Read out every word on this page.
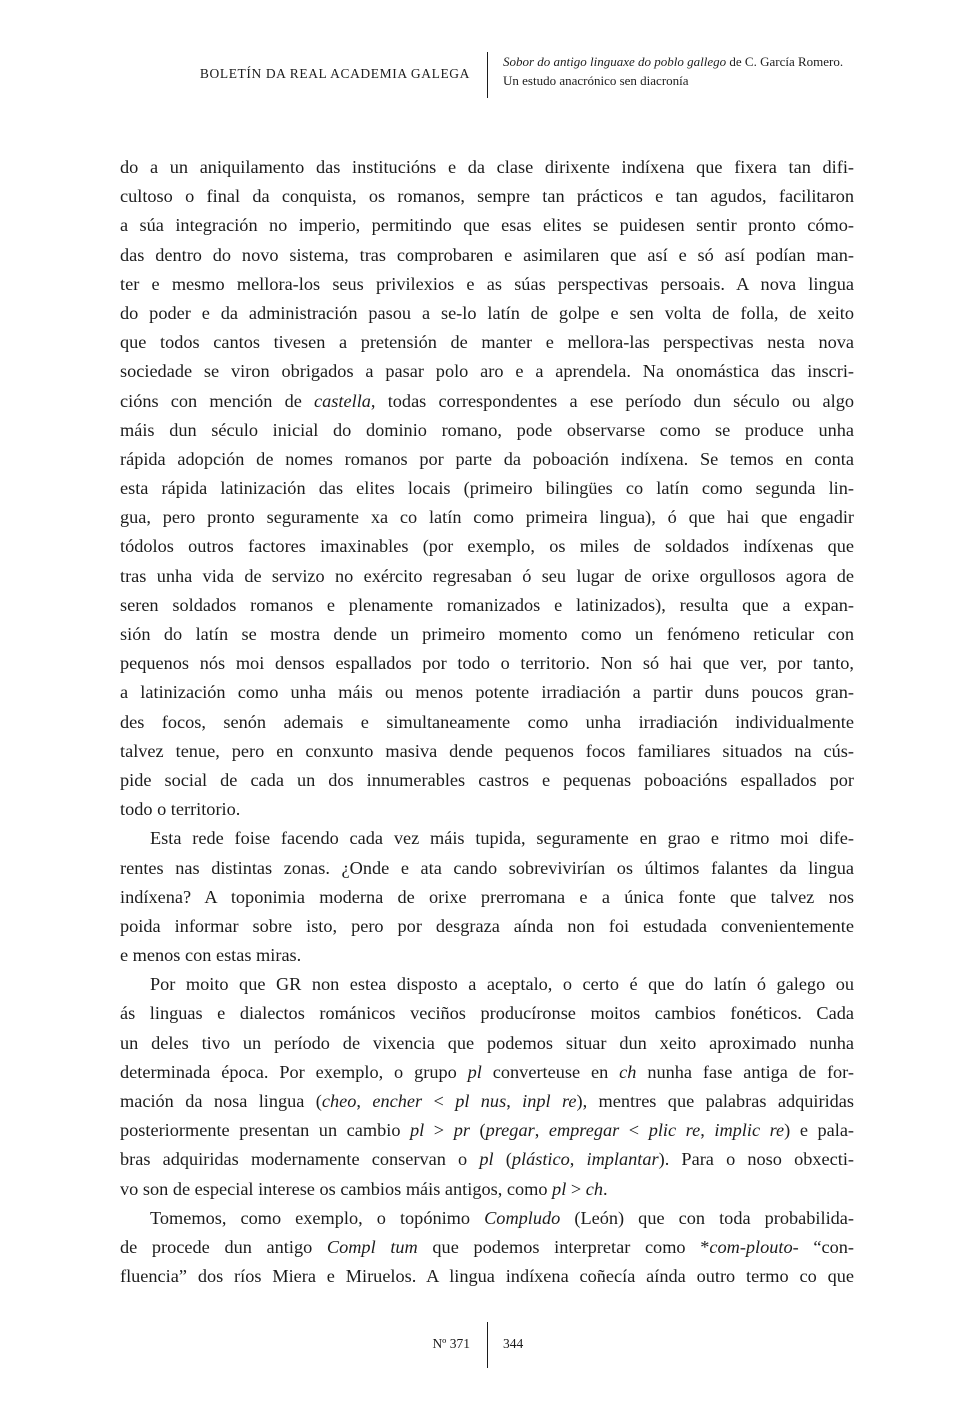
BOLETÍN DA REAL ACADEMIA GALEGA
Sobor do antigo linguaxe do poblo gallego de C. García Romero.
Un estudo anacrónico sen diacronía
do a un aniquilamento das institucións e da clase dirixente indíxena que fixera tan difi-
cultoso o final da conquista, os romanos, sempre tan prácticos e tan agudos, facilitaron
a súa integración no imperio, permitindo que esas elites se puidesen sentir pronto cómo-
das dentro do novo sistema, tras comprobaren e asimilaren que así e só así podían man-
ter e mesmo mellora-los seus privilexios e as súas perspectivas persoais. A nova lingua
do poder e da administración pasou a se-lo latín de golpe e sen volta de folla, de xeito
que todos cantos tivesen a pretensión de manter e mellora-las perspectivas nesta nova
sociedade se viron obrigados a pasar polo aro e a aprendela. Na onomástica das inscri-
cións con mención de castella, todas correspondentes a ese período dun século ou algo
máis dun século inicial do dominio romano, pode observarse como se produce unha
rápida adopción de nomes romanos por parte da poboación indíxena. Se temos en conta
esta rápida latinización das elites locais (primeiro bilingües co latín como segunda lin-
gua, pero pronto seguramente xa co latín como primeira lingua), ó que hai que engadir
tódolos outros factores imaxinables (por exemplo, os miles de soldados indíxenas que
tras unha vida de servizo no exército regresaban ó seu lugar de orixe orgullosos agora de
seren soldados romanos e plenamente romanizados e latinizados), resulta que a expan-
sión do latín se mostra dende un primeiro momento como un fenómeno reticular con
pequenos nós moi densos espallados por todo o territorio. Non só hai que ver, por tanto,
a latinización como unha máis ou menos potente irradiación a partir duns poucos gran-
des focos, senón ademais e simultaneamente como unha irradiación individualmente
talvez tenue, pero en conxunto masiva dende pequenos focos familiares situados na cús-
pide social de cada un dos innumerables castros e pequenas poboacións espallados por
todo o territorio.
Esta rede foise facendo cada vez máis tupida, seguramente en grao e ritmo moi dife-
rentes nas distintas zonas. ¿Onde e ata cando sobrevivirían os últimos falantes da lingua
indíxena? A toponimia moderna de orixe prerromana e a única fonte que talvez nos
poida informar sobre isto, pero por desgraza aínda non foi estudada convenientemente
e menos con estas miras.
Por moito que GR non estea disposto a aceptalo, o certo é que do latín ó galego ou
ás linguas e dialectos románicos veciños producíronse moitos cambios fonéticos. Cada
un deles tivo un período de vixencia que podemos situar dun xeito aproximado nunha
determinada época. Por exemplo, o grupo pl converteuse en ch nunha fase antiga de for-
mación da nosa lingua (cheo, encher < pl nus, inpl re), mentres que palabras adquiridas
posteriormente presentan un cambio pl > pr (pregar, empregar < plic re, implic re) e pala-
bras adquiridas modernamente conservan o pl (plástico, implantar). Para o noso obxecti-
vo son de especial interese os cambios máis antigos, como pl > ch.
Tomemos, como exemplo, o topónimo Compludo (León) que con toda probabilida-
de procede dun antigo Compl tum que podemos interpretar como *com-plouto- “con-
fluencia” dos ríos Miera e Miruelos. A lingua indíxena coñecía aínda outro termo co que
Nº 371 344
